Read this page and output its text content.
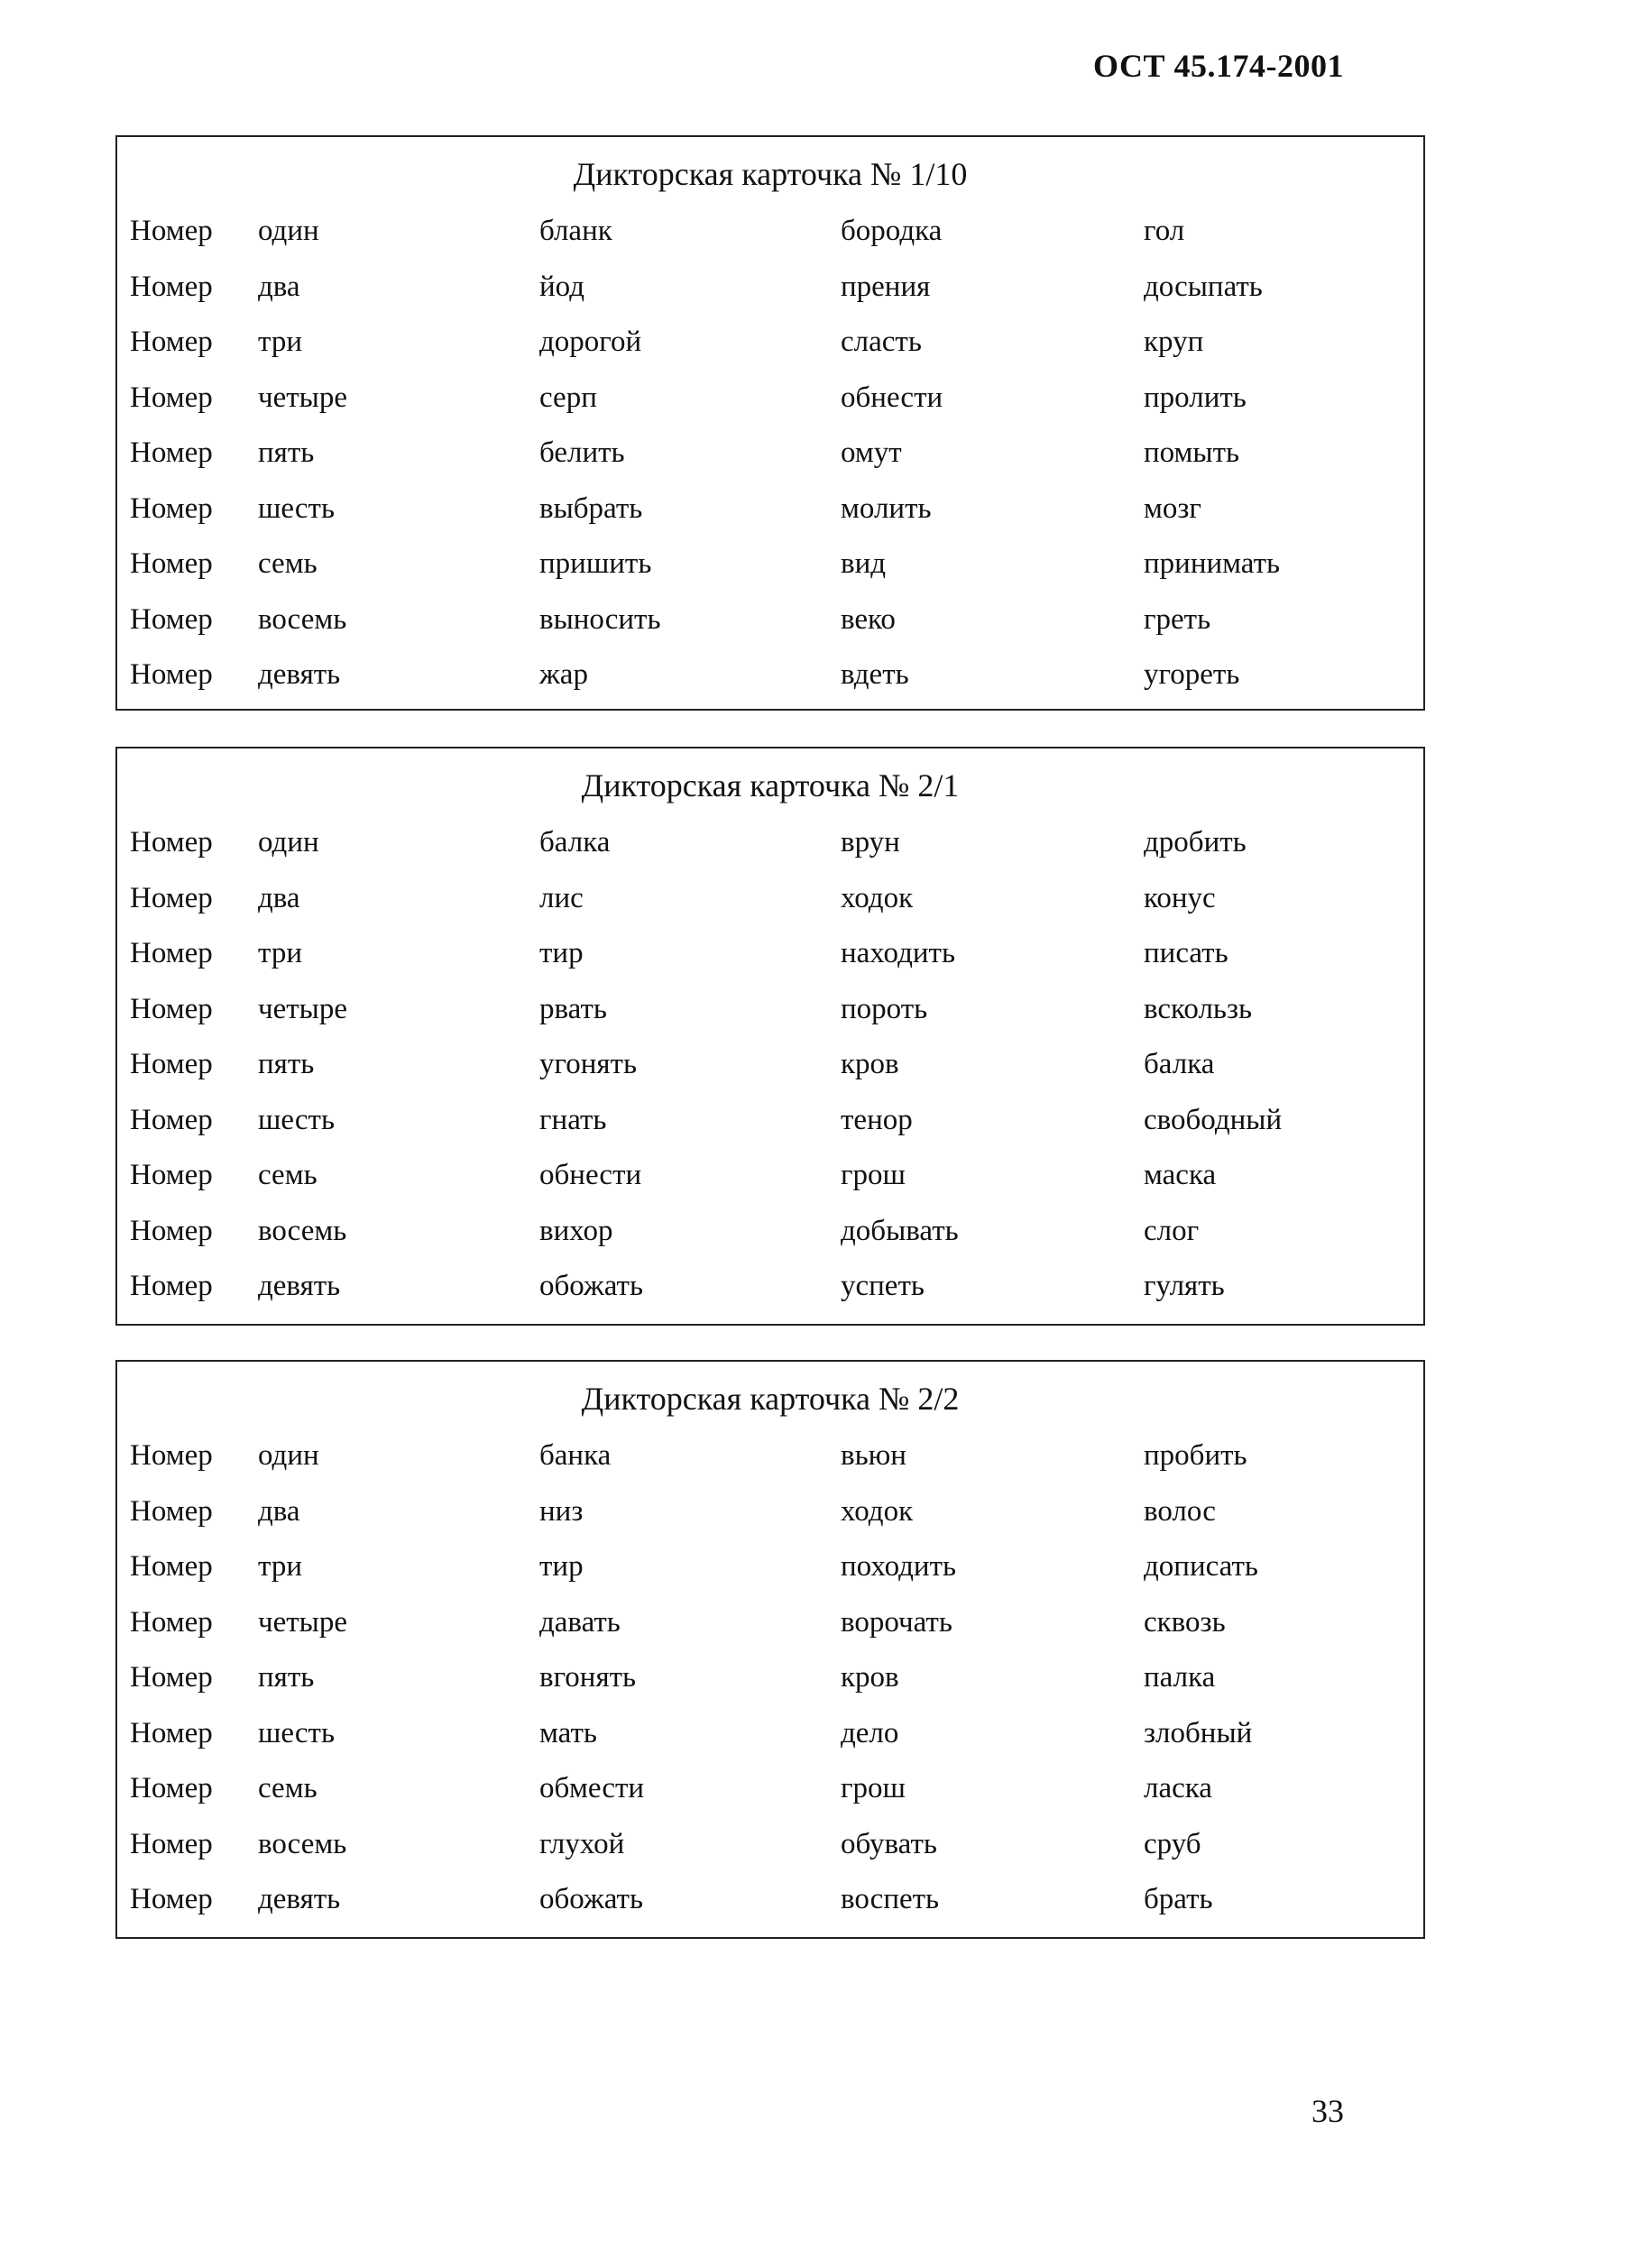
ОСТ 45.174-2001
Дикторская карточка № 1/10
Номер один	бланк	бородка	гол
Номер два	йод	прения	досыпать
Номер три	дорогой	сласть	круп
Номер четыре	серп	обнести	пролить
Номер пять	белить	омут	помыть
Номер шесть	выбрать	молить	мозг
Номер семь	пришить	вид	принимать
Номер восемь	выносить	веко	греть
Номер девять	жар	вдеть	угореть
Дикторская карточка № 2/1
Номер один	балка	врун	дробить
Номер два	лис	ходок	конус
Номер три	тир	находить	писать
Номер четыре	рвать	пороть	вскользь
Номер пять	угонять	кров	балка
Номер шесть	гнать	тенор	свободный
Номер семь	обнести	грош	маска
Номер восемь	вихор	добывать	слог
Номер девять	обожать	успеть	гулять
Дикторская карточка № 2/2
Номер один	банка	вьюн	пробить
Номер два	низ	ходок	волос
Номер три	тир	походить	дописать
Номер четыре	давать	ворочать	сквозь
Номер пять	вгонять	кров	палка
Номер шесть	мать	дело	злобный
Номер семь	обмести	грош	ласка
Номер восемь	глухой	обувать	сруб
Номер девять	обожать	воспеть	брать
33
